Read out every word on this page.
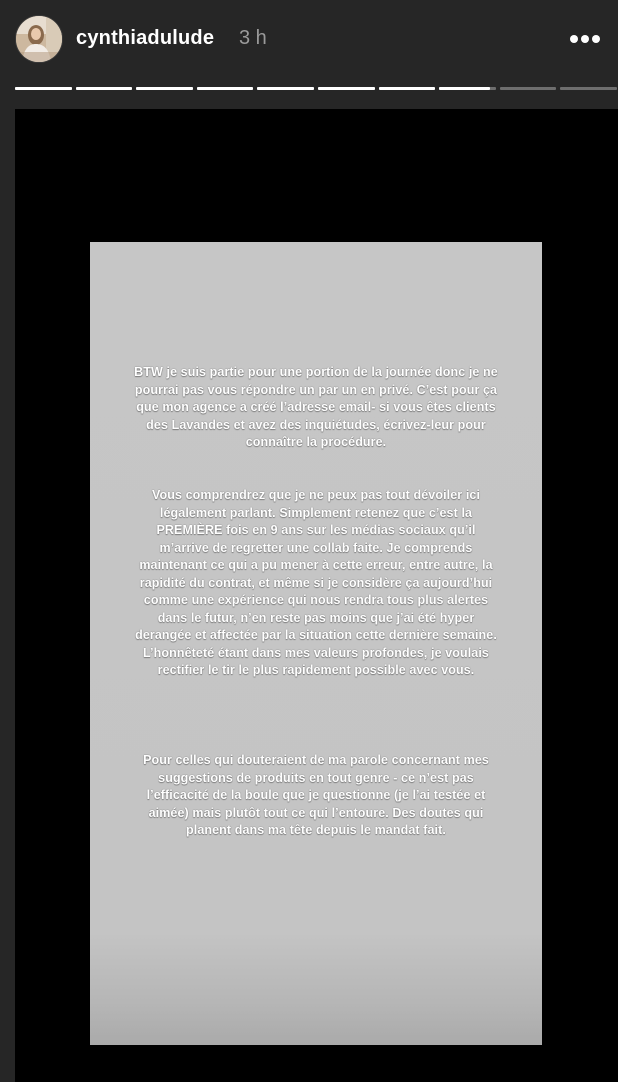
cynthiadulude 3 h
BTW je suis partie pour une portion de la journée donc je ne pourrai pas vous répondre un par un en privé. C’est pour ça que mon agence a créé l’adresse email- si vous êtes clients des Lavandes et avez des inquiétudes, écrivez-leur pour connaître la procédure.
Vous comprendrez que je ne peux pas tout dévoiler ici légalement parlant. Simplement retenez que c’est la PREMIÈRE fois en 9 ans sur les médias sociaux qu’il m’arrive de regretter une collab faite. Je comprends maintenant ce qui a pu mener à cette erreur, entre autre, la rapidité du contrat, et même si je considère ça aujourd’hui comme une expérience qui nous rendra tous plus alertes dans le futur, n’en reste pas moins que j’ai été hyper derangée et affectée par la situation cette dernière semaine. L’honnêteté étant dans mes valeurs profondes, je voulais rectifier le tir le plus rapidement possible avec vous.
Pour celles qui douteraient de ma parole concernant mes suggestions de produits en tout genre - ce n’est pas l’efficacité de la boule que je questionne (je l’ai testée et aimée) mais plutôt tout ce qui l’entoure. Des doutes qui planent dans ma tête depuis le mandat fait.
